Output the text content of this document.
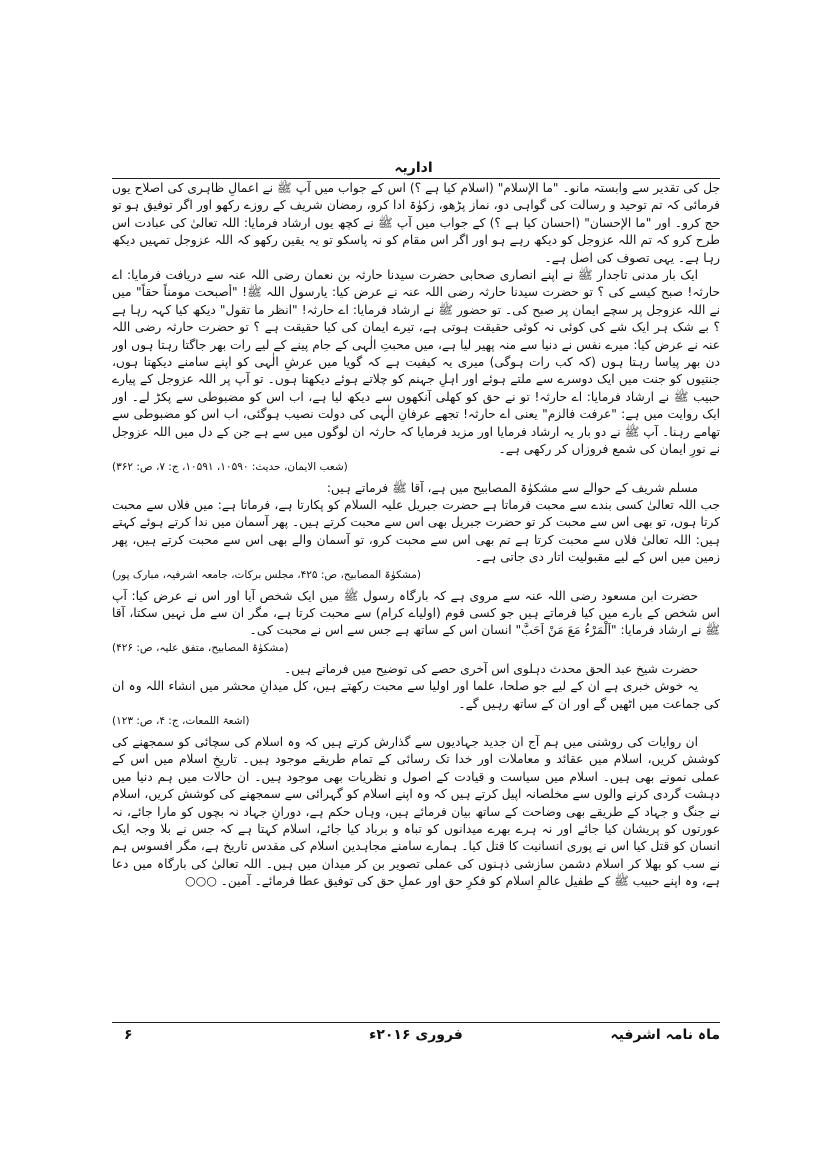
اداریہ

جل کی تقدیر سے وابستہ مانو۔ "ما الإسلام" (اسلام کیا ہے ؟) اس کے جواب میں آپ ﷺ نے اعمالِ ظاہری کی اصلاح یوں فرمائی کہ تم توحید و رسالت کی گواہی دو، نماز پڑھو، زکوٰۃ ادا کرو، رمضان شریف کے روزے رکھو اور اگر توفیق ہو تو حج کرو۔ اور "ما الإحسان" (احسان کیا ہے ؟) کے جواب میں آپ ﷺ نے کچھ یوں ارشاد فرمایا: اللہ تعالیٰ کی عبادت اس طرح کرو کہ تم اللہ عزوجل کو دیکھ رہے ہو اور اگر اس مقام کو نہ پاسکو تو یہ یقین رکھو کہ اللہ عزوجل تمہیں دیکھ رہا ہے۔ یہی تصوف کی اصل ہے۔

ایک بار مدنی تاجدار ﷺ نے اپنے انصاری صحابی حضرت سیدنا حارثہ بن نعمان رضی اللہ عنہ سے دریافت فرمایا: اے حارثہ! صبح کیسے کی ؟ تو حضرت سیدنا حارثہ رضی اللہ عنہ نے عرض کیا: یارسول اللہ ﷺ! "أصبحت مومناً حقاً" میں نے اللہ عزوجل پر سچے ایمان پر صبح کی۔ تو حضور ﷺ نے ارشاد فرمایا: اے حارثہ! "انظر ما تقول" دیکھ کیا کہہ رہا ہے ؟ بے شک ہر ایک شے کی کوئی نہ کوئی حقیقت ہوتی ہے، تیرے ایمان کی کیا حقیقت ہے ؟ تو حضرت حارثہ رضی اللہ عنہ نے عرض کیا: میرے نفس نے دنیا سے منہ پھیر لیا ہے، میں محبتِ الٰہی کے جام پینے کے لیے رات بھر جاگتا رہتا ہوں اور دن بھر پیاسا رہتا ہوں (کہ کب رات ہوگی) میری یہ کیفیت ہے کہ گویا میں عرشِ الٰہی کو اپنے سامنے دیکھتا ہوں، جنتیوں کو جنت میں ایک دوسرے سے ملتے ہوئے اور اہلِ جہنم کو چلاتے ہوئے دیکھتا ہوں۔ تو آپ پر اللہ عزوجل کے پیارے حبیب ﷺ نے ارشاد فرمایا: اے حارثہ! تو نے حق کو کھلی آنکھوں سے دیکھ لیا ہے، اب اس کو مضبوطی سے پکڑ لے۔ اور ایک روایت میں ہے: "عرفت فالزم" یعنی اے حارثہ! تجھے عرفانِ الٰہی کی دولت نصیب ہوگئی، اب اس کو مضبوطی سے تھامے رہنا۔ آپ ﷺ نے دو بار یہ ارشاد فرمایا اور مزید فرمایا کہ حارثہ ان لوگوں میں سے ہے جن کے دل میں اللہ عزوجل نے نورِ ایمان کی شمع فروزاں کر رکھی ہے۔

(شعب الایمان، حدیث: ۱۰۵۹۰، ۱۰۵۹۱، ج: ۷، ص: ۳۶۲)

مسلم شریف کے حوالے سے مشکوٰۃ المصابیح میں ہے، آقا ﷺ فرماتے ہیں:

جب اللہ تعالیٰ کسی بندے سے محبت فرماتا ہے حضرت جبریل علیہ السلام کو پکارتا ہے، فرماتا ہے: میں فلاں سے محبت کرتا ہوں، تو بھی اس سے محبت کر تو حضرت جبریل بھی اس سے محبت کرتے ہیں۔ پھر آسمان میں ندا کرتے ہوئے کہتے ہیں: اللہ تعالیٰ فلاں سے محبت کرتا ہے تم بھی اس سے محبت کرو، تو آسمان والے بھی اس سے محبت کرتے ہیں، پھر زمین میں اس کے لیے مقبولیت اتار دی جاتی ہے۔

(مشکوٰۃ المصابیح، ص: ۴۲۵، مجلس برکات، جامعہ اشرفیہ، مبارک پور)

حضرت ابن مسعود رضی اللہ عنہ سے مروی ہے کہ بارگاہ رسول ﷺ میں ایک شخص آیا اور اس نے عرض کیا: آپ اس شخص کے بارے میں کیا فرماتے ہیں جو کسی قوم (اولیاے کرام) سے محبت کرتا ہے، مگر ان سے مل نہیں سکتا، آقا ﷺ نے ارشاد فرمایا: "اَلْمَرْءُ مَعَ مَنْ اَحَبَّ" انسان اس کے ساتھ ہے جس سے اس نے محبت کی۔

(مشکوٰۃ المصابیح، متفق علیہ، ص: ۴۲۶)

حضرت شیخ عبد الحق محدث دہلوی اس آخری حصے کی توضیح میں فرماتے ہیں۔

یہ خوش خبری ہے ان کے لیے جو صلحا، علما اور اولیا سے محبت رکھتے ہیں، کل میدانِ محشر میں انشاء اللہ وہ ان کی جماعت میں اٹھیں گے اور ان کے ساتھ رہیں گے۔

(اشعۃ اللمعات، ج: ۴، ص: ۱۲۳)

ان روایات کی روشنی میں ہم آج ان جدید جہادیوں سے گذارش کرتے ہیں کہ وہ اسلام کی سچائی کو سمجھنے کی کوشش کریں، اسلام میں عقائد و معاملات اور خدا تک رسائی کے تمام طریقے موجود ہیں۔ تاریخِ اسلام میں اس کے عملی نمونے بھی ہیں۔ اسلام میں سیاست و قیادت کے اصول و نظریات بھی موجود ہیں۔ ان حالات میں ہم دنیا میں دہشت گردی کرنے والوں سے مخلصانہ اپیل کرتے ہیں کہ وہ اپنے اسلام کو گہرائی سے سمجھنے کی کوشش کریں، اسلام نے جنگ و جہاد کے طریقے بھی وضاحت کے ساتھ بیان فرمائے ہیں، وہاں حکم ہے، دورانِ جہاد نہ بچوں کو مارا جائے، نہ عورتوں کو پریشان کیا جائے اور نہ ہرے بھرے میدانوں کو تباہ و برباد کیا جائے، اسلام کہتا ہے کہ جس نے بلا وجہ ایک انسان کو قتل کیا اس نے پوری انسانیت کا قتل کیا۔ ہمارے سامنے مجاہدین اسلام کی مقدس تاریخ ہے، مگر افسوس ہم نے سب کو بھلا کر اسلام دشمن سازشی ذہنوں کی عملی تصویر بن کر میدان میں ہیں۔ اللہ تعالیٰ کی بارگاہ میں دعا ہے، وہ اپنے حبیب ﷺ کے طفیل عالمِ اسلام کو فکرِ حق اور عملِ حق کی توفیق عطا فرمائے۔ آمین۔ ○○○

۶	فروری ۲۰۱۶ء	ماہ نامہ اشرفیہ
